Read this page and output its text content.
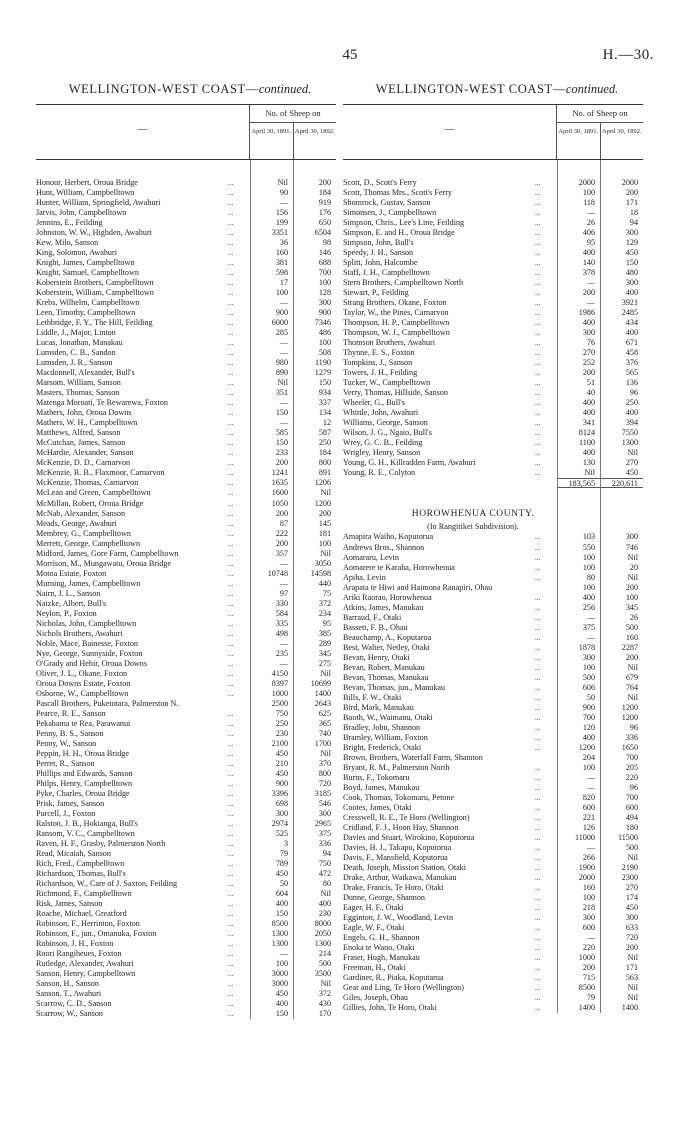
45	H.—30.
WELLINGTON-WEST COAST—continued.
—
No. of Sheep on
April 30, 1891. April 30, 1892.
Honour, Herbert, Oroua Bridge	...	Nil	200
Hunt, William, Campbelltown	...	90	184
Hunter, William, Springfield, Awahuri	...	—	919
Jarvis, John, Campbelltown	...	156	176
Jennins, E., Feilding	...	199	650
Johnston, W. W., Highden, Awahuri	...	3351	6504
Kew, Milo, Sanson	...	36	98
King, Solomon, Awahuri	...	160	146
Knight, James, Campbelltown	...	381	688
Knight, Samuel, Campbelltown	...	598	700
Koberstein Brothers, Campbelltown	...	17	100
Koberstein, William, Campbelltown	...	100	128
Krebs, Wilhelm, Campbelltown	...	—	300
Leen, Timothy, Campbelltown	...	900	900
Lethbridge, F. Y., The Hill, Feilding	...	6000	7346
Liddle, J., Major, Linton	...	285	486
Lucas, Jonathan, Manakau	...	—	100
Lumsden, C. B., Sandon	...	—	508
Lumsden, J. R., Sanson	...	980	1190
Macdonnell, Alexander, Bull's	...	890	1279
Marsom, William, Sanson	...	Nil	150
Masters, Thomas, Sanson	...	351	934
Matenga Moroati, Te Rewarewa, Foxton	...	—	337
Mathers, John, Oroua Downs	...	150	134
Mathers, W. H., Campbelltown	...	—	12
Matthews, Alfred, Sanson	...	585	587
McCutchan, James, Sanson	...	150	250
McHardie, Alexander, Sanson	...	233	184
McKenzie, D. D., Carnarvon	...	200	800
McKenzie, R. B., Flaxmoor, Carnarvon	...	1241	891
McKenzie, Thomas, Carnarvon	...	1635	1206
McLean and Green, Campbelltown	...	1600	Nil
McMillan, Robert, Oroua Bridge	...	1050	1200
McNab, Alexander, Sanson	...	200	200
Meads, George, Awahuri	...	87	145
Membrey, G., Campbelltown	...	222	181
Merrett, George, Campbelltown	...	200	100
Midford, James, Gore Farm, Campbelltown	...	357	Nil
Morrison, M., Mungawatu, Oroua Bridge	...	—	3050
Motoa Estate, Foxton	...	10748	14598
Murning, James, Campbelltown	...	—	440
Nairn, J. L., Sanson	...	97	75
Natzke, Albert, Bull's	...	330	372
Neylon, P., Foxton	...	584	234
Nicholas, John, Campbelltown	...	335	95
Nichols Brothers, Awahuri	...	498	385
Noble, Mace, Bainesse, Foxton	...	—	289
Nye, George, Sunnyside, Foxton	...	235	345
O'Grady and Hehir, Oroua Downs	...	—	275
Oliver, J. L., Okane, Foxton	...	4150	Nil
Oroua Downs Estate, Foxton	...	8397	10699
Osborne, W., Campbelltown	...	1000	1400
Pascall Brothers, Puketotara, Palmerston N.	2500	2643
Pearce, R. E., Sanson	...	750	625
Pekahama te Rea, Parawanui	...	250	365
Penny, B. S., Sanson	...	230	740
Penny, W., Sanson	...	2100	1700
Peppin, H. H., Oroua Bridge	...	450	Nil
Perret, R., Sanson	...	210	370
Phillips and Edwards, Sanson	...	450	800
Philps, Henry, Campbelltown	...	900	720
Pyke, Charles, Oroua Bridge	...	3396	3185
Prisk, James, Sanson	...	698	546
Purcell, J., Foxton	...	300	300
Ralston, J. B., Hokianga, Bull's	...	2974	2965
Ransom, V. C., Campbelltown	...	525	375
Raven, H. F., Grasby, Palmerston North	...	3	336
Read, Micaiah, Sanson	...	79	94
Rich, Fred., Campbelltown	...	789	750
Richardson, Thomas, Bull's	...	450	472
Richardson, W., Care of J. Saxton, Feilding	...	50	80
Richmond, F., Campbelltown	...	604	Nil
Risk, James, Sanson	...	400	400
Roache, Michael, Greatford	...	150	230
Robinson, F., Herrinton, Foxton	...	8500	8000
Robinson, F., jun., Omanuka, Foxton	...	1300	2050
Robinson, J. H., Foxton	...	1300	1300
Roori Rangiheues, Foxton	...	—	214
Rutledge, Alexander, Awahuri	...	100	500
Sanson, Henry, Campbelltown	...	3000	3500
Sanson, H., Sanson	...	3000	Nil
Sanson, T., Awahuri	...	450	372
Scarrow, C. D., Sanson	...	400	430
Scarrow, W., Sanson	...	150	170
WELLINGTON-WEST COAST—continued.
—
No. of Sheep on
April 30, 1891. April 30, 1892.
Scott, D., Scott's Ferry	...	2000	2000
Scott, Thomas Mrs., Scott's Ferry	...	100	200
Shomrock, Gustav, Sanson	...	118	171
Simonsen, J., Campbelltown	...	—	18
Simpson, Chris., Lee's Line, Feilding	...	26	94
Simpson, E. and H., Oroua Bridge	...	406	300
Simpson, John, Bull's	...	95	129
Speedy, J. H., Sanson	...	400	450
Splitt, John, Halcombe	...	140	150
Staff, J. H., Campbelltown	...	378	480
Stern Brothers, Campbelltown North	...	—	300
Stewart, P., Feilding	...	200	400
Strang Brothers, Okane, Foxton	...	—	3921
Taylor, W., the Pines, Carnarvon	...	1986	2485
Thompson, H. P., Campbelltown	...	400	434
Thompson, W. J., Campbelltown	...	300	400
Thomson Brothers, Awahuri	...	76	671
Thynne, E. S., Foxton	...	270	458
Tompkins, J., Sanson	...	252	376
Towers, J. H., Feilding	...	200	565
Tucker, W., Campbelltown	...	51	136
Verry, Thomas, Hillside, Sanson	...	40	96
Wheeler, G., Bull's	...	400	250
Whittle, John, Awahuri	...	400	400
Williams, George, Sanson	...	341	394
Wilson, J. G., Ngaio, Bull's	...	8124	7550
Wrey, G. C. B., Feilding	...	1100	1300
Wrigley, Henry, Sanson	...	400	Nil
Young, G. H., Killradden Farm, Awahuri	...	130	270
Young, R. E., Colyton	...	Nil	450
183,565	220,611
HOROWHENUA COUNTY.
(In Rangitikei Subdivision).
Amapira Waiho, Koputorua	...	103	300
Andrews Bros., Shannon	...	550	746
Aomararu, Levin	...	100	Nil
Aomarere te Karaha, Horowhenua	...	100	20
Apiha, Levin	...	80	Nil
Arapata te Hiwi and Haimona Ranapiri, Ohau	100	200
Ariki Raorao, Horowhenua	...	400	100
Atkins, James, Manukau	...	256	345
Barraud, F., Otaki	...	—	26
Bassett, F. B., Ohau	...	375	500
Beauchamp, A., Koputaroa	...	—	160
Best, Walter, Netley, Otaki	...	1878	2287
Bevan, Henry, Otaki	...	300	200
Bevan, Robert, Manukau	...	100	Nil
Bevan, Thomas, Manukau	...	500	679
Bevan, Thomas, jun., Manukau	...	606	764
Bills, F. W., Otaki	...	50	Nil
Bird, Mark, Manukau	...	900	1200
Booth, W., Waimanu, Otaki	...	700	1200
Bradley, John, Shannon	...	120	96
Bramley, William, Foxton	...	400	336
Bright, Frederick, Otaki	...	1200	1650
Brown, Brothers, Waterfall Farm, Shannon	204	700
Bryant, R. M., Palmerston North	...	100	205
Burns, F., Tokomaru	...	—	220
Boyd, James, Manukau	...	—	96
Cook, Thomas, Tokomaru, Petone	...	820	700
Cootes, James, Otaki	...	600	600
Cresswell, R. E., Te Horo (Wellington)	...	221	494
Cridland, F. J., Hoon Hay, Shannon	...	126	180
Davies and Stuart, Wirokino, Koputorua	...	11000	11500
Davies, H. J., Takapu, Koputorua	...	—	500
Davis, F., Mansfield, Koputorua	...	266	Nil
Death, Joseph, Mission Station, Otaki	...	1900	2190
Drake, Arthur, Waikawa, Manukau	...	2000	2300
Drake, Francis, Te Horo, Otaki	...	160	270
Dunne, George, Shannon	...	100	174
Eager, H. F., Otaki	...	218	450
Egginton, J. W., Woodland, Levin	...	300	300
Eagle, W. F., Otaki	...	600	633
Engels, G. H., Shannon	...	—	720
Enoka te Wano, Otaki	...	220	200
Fraser, Hugh, Manukau	...	1000	Nil
Freeman, H., Otaki	...	200	171
Gardiner, R., Piaka, Koputarua	...	715	563
Gear and Ling, Te Horo (Wellington)	...	8500	Nil
Giles, Joseph, Ohau	...	79	Nil
Gillies, John, Te Horo, Otaki	...	1400	1400
